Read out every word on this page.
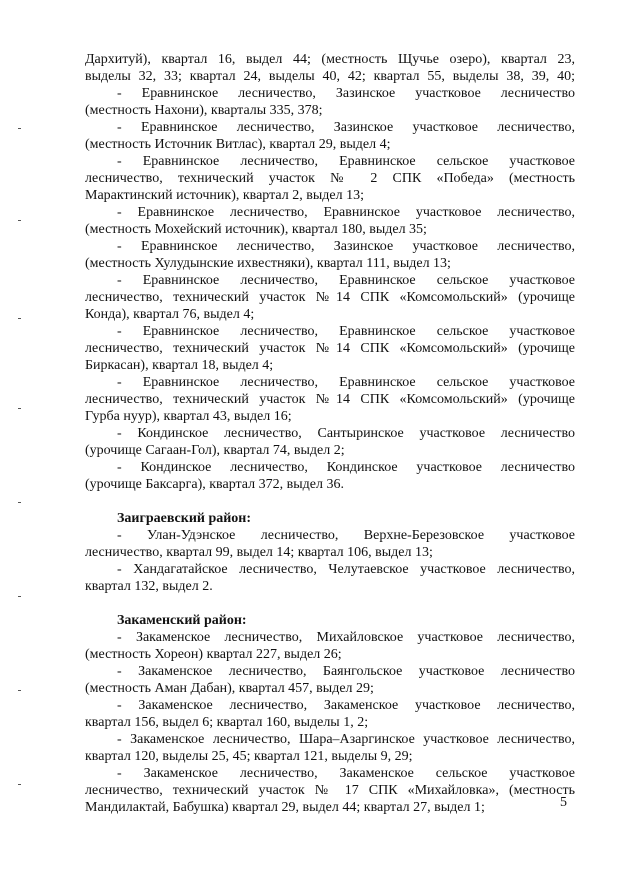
Дархитуй), квартал 16, выдел 44; (местность Щучье озеро), квартал 23,
выделы 32, 33; квартал 24, выделы 40, 42; квартал 55, выделы 38, 39, 40;
- Еравнинское лесничество, Зазинское участковое лесничество
(местность Нахони), кварталы 335, 378;
- Еравнинское лесничество, Зазинское участковое лесничество,
(местность Источник Витлас), квартал 29, выдел 4;
- Еравнинское лесничество, Еравнинское сельское участковое
лесничество, технический участок № 2 СПК «Победа» (местность
Мaрактинский источник), квартал 2, выдел 13;
- Еравнинское лесничество, Еравнинское участковое лесничество,
(местность Мохейский источник), квартал 180, выдел 35;
- Еравнинское лесничество, Зазинское участковое лесничество,
(местность Хулудынские ихвестняки), квартал 111, выдел 13;
- Еравнинское лесничество, Еравнинское сельское участковое
лесничество, технический участок №14 СПК «Комсомольский» (урочище
Конда), квартал 76, выдел 4;
- Еравнинское лесничество, Еравнинское сельское участковое
лесничество, технический участок №14 СПК «Комсомольский» (урочище
Биркасан), квартал 18, выдел 4;
- Еравнинское лесничество, Еравнинское сельское участковое
лесничество, технический участок №14 СПК «Комсомольский» (урочище
Гурба нуур), квартал 43, выдел 16;
- Кондинское лесничество, Сантыринское участковое лесничество
(урочище Сагаан-Гол), квартал 74, выдел 2;
- Кондинское лесничество, Кондинское участковое лесничество
(урочище Баксарга), квартал 372, выдел 36.
Заиграевский район:
- Улан-Удэнское лесничество, Верхне-Березовское участковое
лесничество, квартал 99, выдел 14; квартал 106, выдел 13;
- Хандагатайское лесничество, Челутаевское участковое лесничество,
квартал 132, выдел 2.
Закаменский район:
- Закаменское лесничество, Михайловское участковое лесничество,
(местность Хореон) квартал 227, выдел 26;
- Закаменское лесничество, Баянгольское участковое лесничество
(местность Аман Дабан), квартал 457, выдел 29;
- Закаменское лесничество, Закаменское участковое лесничество,
квартал 156, выдел 6; квартал 160, выделы 1, 2;
- Закаменское лесничество, Шара–Азаргинское участковое лесничество,
квартал 120, выделы 25, 45; квартал 121, выделы 9, 29;
- Закаменское лесничество, Закаменское сельское участковое
лесничество, технический участок № 17 СПК «Михайловка», (местность
Мандилактай, Бабушка) квартал 29, выдел 44; квартал 27, выдел 1;	5
